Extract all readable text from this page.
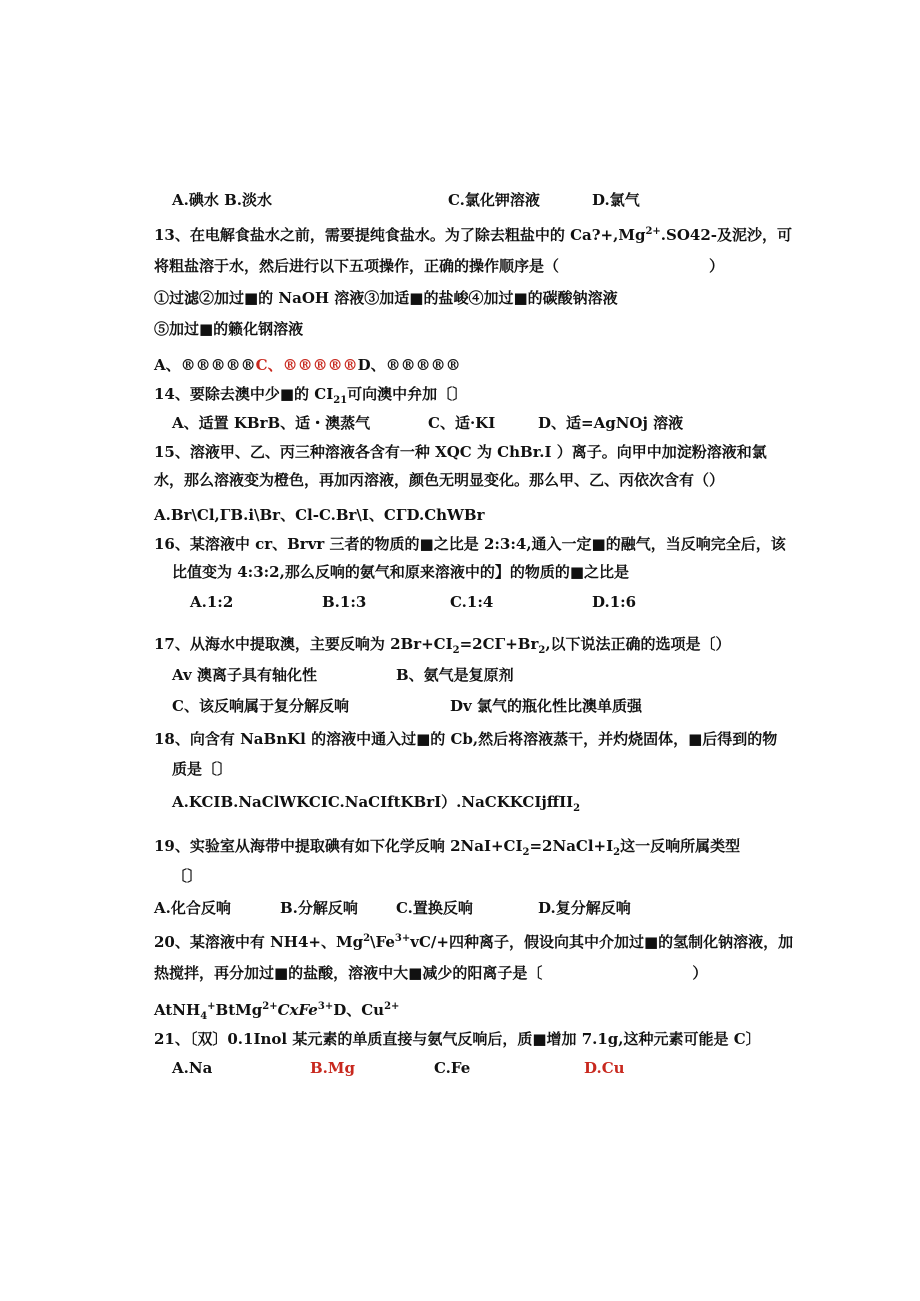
A.碘水 B.淡水	C.氯化钾溶液	D.氯气
13、在电解食盐水之前，需要提纯食盐水。为了除去粗盐中的 $Ca?+,Mg^{2+}.SO42-$及泥沙，可
将粗盐溶于水，然后进行以下五项操作，正确的操作顺序是（	）
①过滤②加过■的 NaOH 溶液③加适■的盐峻④加过■的碳酸钠溶液
⑤加过■的籁化钢溶液
A、®®®®®C、®®®®®D、®®®®®
14、要除去澳中少■的 $CI_{21}$可向澳中弁加〔〕
A、适置 KBrB、适・澳蒸气	C、适·KI	D、适=AgNOj 溶液
15、溶液甲、乙、丙三种溶液各含有一种 XQC 为 ChBr.I ）离子。向甲中加淀粉溶液和氯
水，那么溶液变为橙色，再加丙溶液，颜色无明显变化。那么甲、乙、丙依次含有（）
A.Br\Cl,ΓB.i\Br、Cl-C.Br\I、CΓD.ChWBr
16、某溶液中 cr、Brvr 三者的物质的■之比是 2:3:4,通入一定■的融气，当反响完全后，该
比值变为 4:3:2,那么反响的氨气和原来溶液中的】的物质的■之比是
A.1:2	B.1:3	C.1:4	D.1:6
17、从海水中提取澳，主要反响为 $2Br+CI_2=2C\Gamma+Br_2$,以下说法正确的选项是〔）
Av 澳离子具有轴化性	B、氨气是复原剂
C、该反响属于复分解反响	Dv 氯气的瓶化性比澳单质强
18、向含有 NaBnKl 的溶液中通入过■的 Cb,然后将溶液蒸干，并灼烧固体，■后得到的物
质是〔〕
A.KCIB.NaClWKCIC.NaCIftKBrI）.NaCKKCIjffII$_2$
19、实验室从海带中提取碘有如下化学反响 $2NaI+CI_2=2NaCl+I_2$这一反响所属类型
〔〕
A.化合反响	B.分解反响	C.置换反响	D.复分解反响
20、某溶液中有 NH4+、$Mg^2\backslash Fe^{3+}vC/+$四种离子，假设向其中介加过■的氢制化钠溶液，加
热搅拌，再分加过■的盐酸，溶液中大■减少的阳离子是〔	）
AtNH$_4$+BtMg$^{2+}$CxFe$^{3+}$D、$Cu^{2+}$
21、〔双〕0.1Inol 某元素的单质直接与氨气反响后，质■增加 7.1g,这种元素可能是 C〕
A.Na	B.Mg	C.Fe	D.Cu
